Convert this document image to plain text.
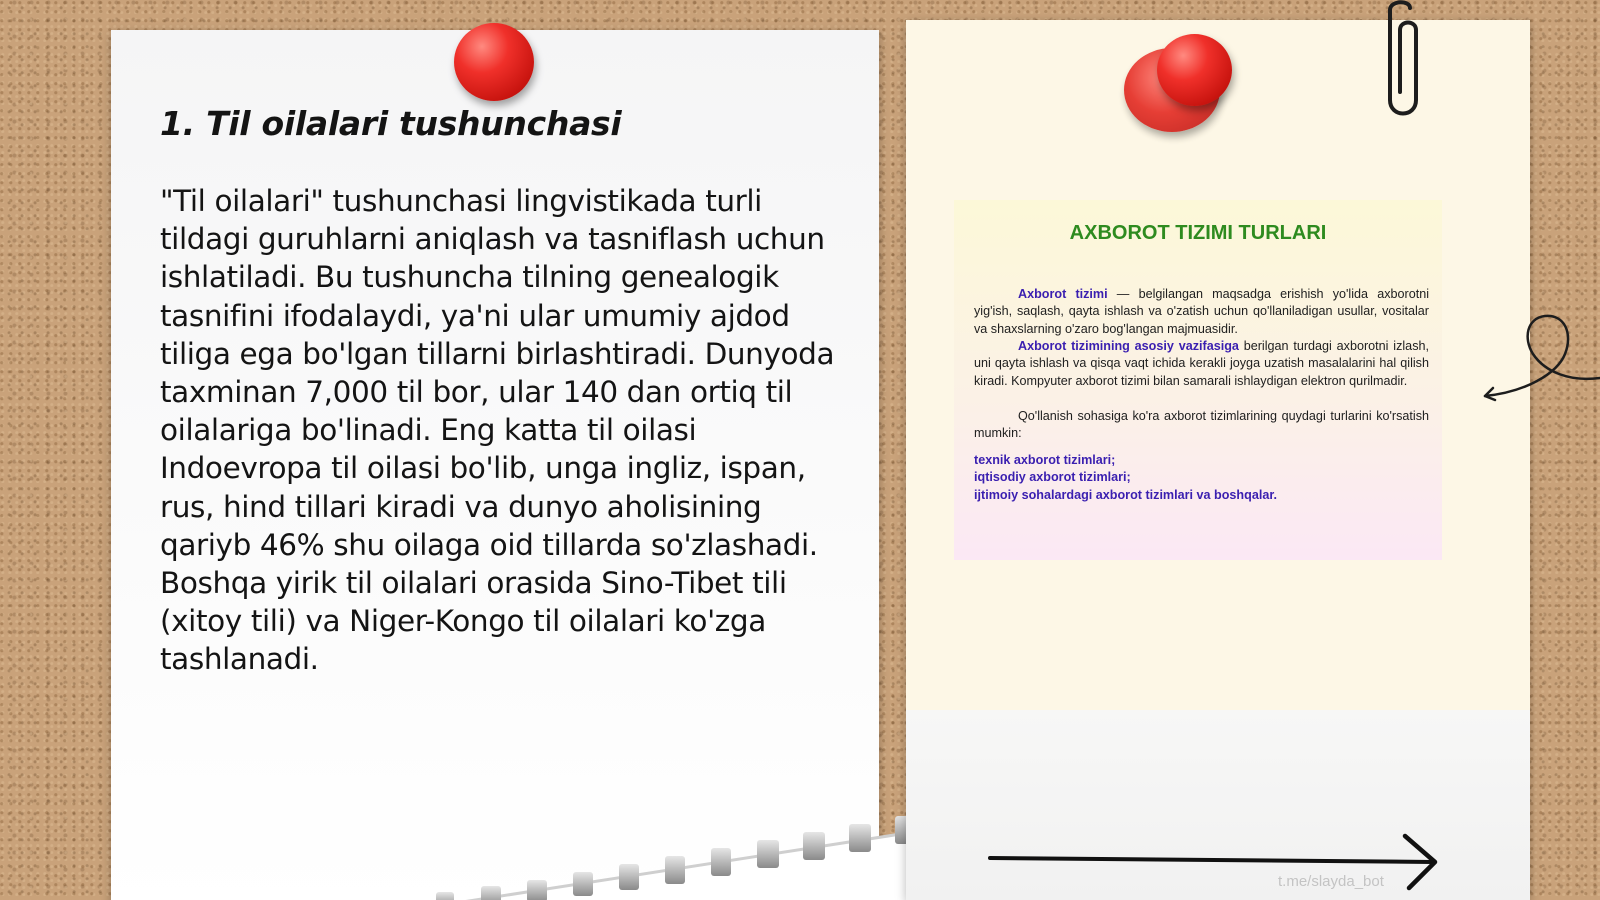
1. Til oilalari tushunchasi

"Til oilalari" tushunchasi lingvistikada turli tildagi guruhlarni aniqlash va tasniflash uchun ishlatiladi. Bu tushuncha tilning genealogik tasnifini ifodalaydi, ya'ni ular umumiy ajdod tiliga ega bo'lgan tillarni birlashtiradi. Dunyoda taxminan 7,000 til bor, ular 140 dan ortiq til oilalariga bo'linadi. Eng katta til oilasi Indoevropa til oilasi bo'lib, unga ingliz, ispan, rus, hind tillari kiradi va dunyo aholisining qariyb 46% shu oilaga oid tillarda so'zlashadi. Boshqa yirik til oilalari orasida Sino-Tibet tili (xitoy tili) va Niger-Kongo til oilalari ko'zga tashlanadi.

AXBOROT TIZIMI TURLARI

Axborot tizimi — belgilangan maqsadga erishish yo'lida axborotni yig'ish, saqlash, qayta ishlash va o'zatish uchun qo'llaniladigan usullar, vositalar va shaxslarning o'zaro bog'langan majmuasidir.

Axborot tizimining asosiy vazifasiga berilgan turdagi axborotni izlash, uni qayta ishlash va qisqa vaqt ichida kerakli joyga uzatish masalalarini hal qilish kiradi. Kompyuter axborot tizimi bilan samarali ishlaydigan elektron qurilmadir.

Qo'llanish sohasiga ko'ra axborot tizimlarining quydagi turlarini ko'rsatish mumkin:

texnik axborot tizimlari;
iqtisodiy axborot tizimlari;
ijtimoiy sohalardagi axborot tizimlari va boshqalar.
t.me/slayda_bot
